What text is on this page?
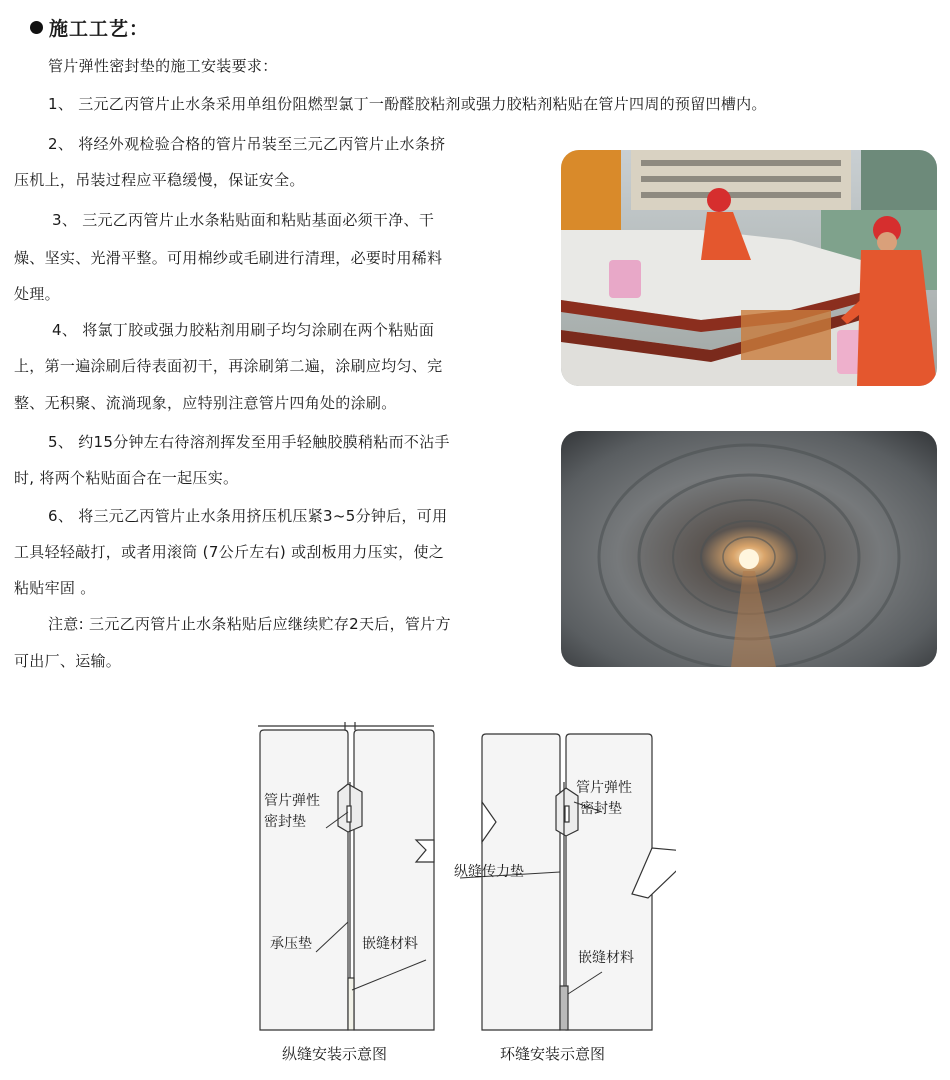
施工工艺：
管片弹性密封垫的施工安装要求：
1、 三元乙丙管片止水条采用单组份阻燃型氯丁一酚醛胶粘剂或强力胶粘剂粘贴在管片四周的预留凹槽内。
2、 将经外观检验合格的管片吊装至三元乙丙管片止水条挤
压机上，吊装过程应平稳缓慢，保证安全。
3、 三元乙丙管片止水条粘贴面和粘贴基面必须干净、干
燥、坚实、光滑平整。可用棉纱或毛刷进行清理，必要时用稀料
处理。
4、 将氯丁胶或强力胶粘剂用刷子均匀涂刷在两个粘贴面
上，第一遍涂刷后待表面初干，再涂刷第二遍，涂刷应均匀、完
整、无积聚、流淌现象，应特别注意管片四角处的涂刷。
5、 约15分钟左右待溶剂挥发至用手轻触胶膜稍粘而不沾手
时, 将两个粘贴面合在一起压实。
6、 将三元乙丙管片止水条用挤压机压紧3~5分钟后，可用
工具轻轻敲打，或者用滚筒 (7公斤左右) 或刮板用力压实，使之
粘贴牢固 。
注意: 三元乙丙管片止水条粘贴后应继续贮存2天后，管片方
可出厂、运输。
管片弹性
密封垫
承压垫	嵌缝材料
管片弹性
密封垫
纵缝传力垫
嵌缝材料
纵缝安装示意图	环缝安装示意图
